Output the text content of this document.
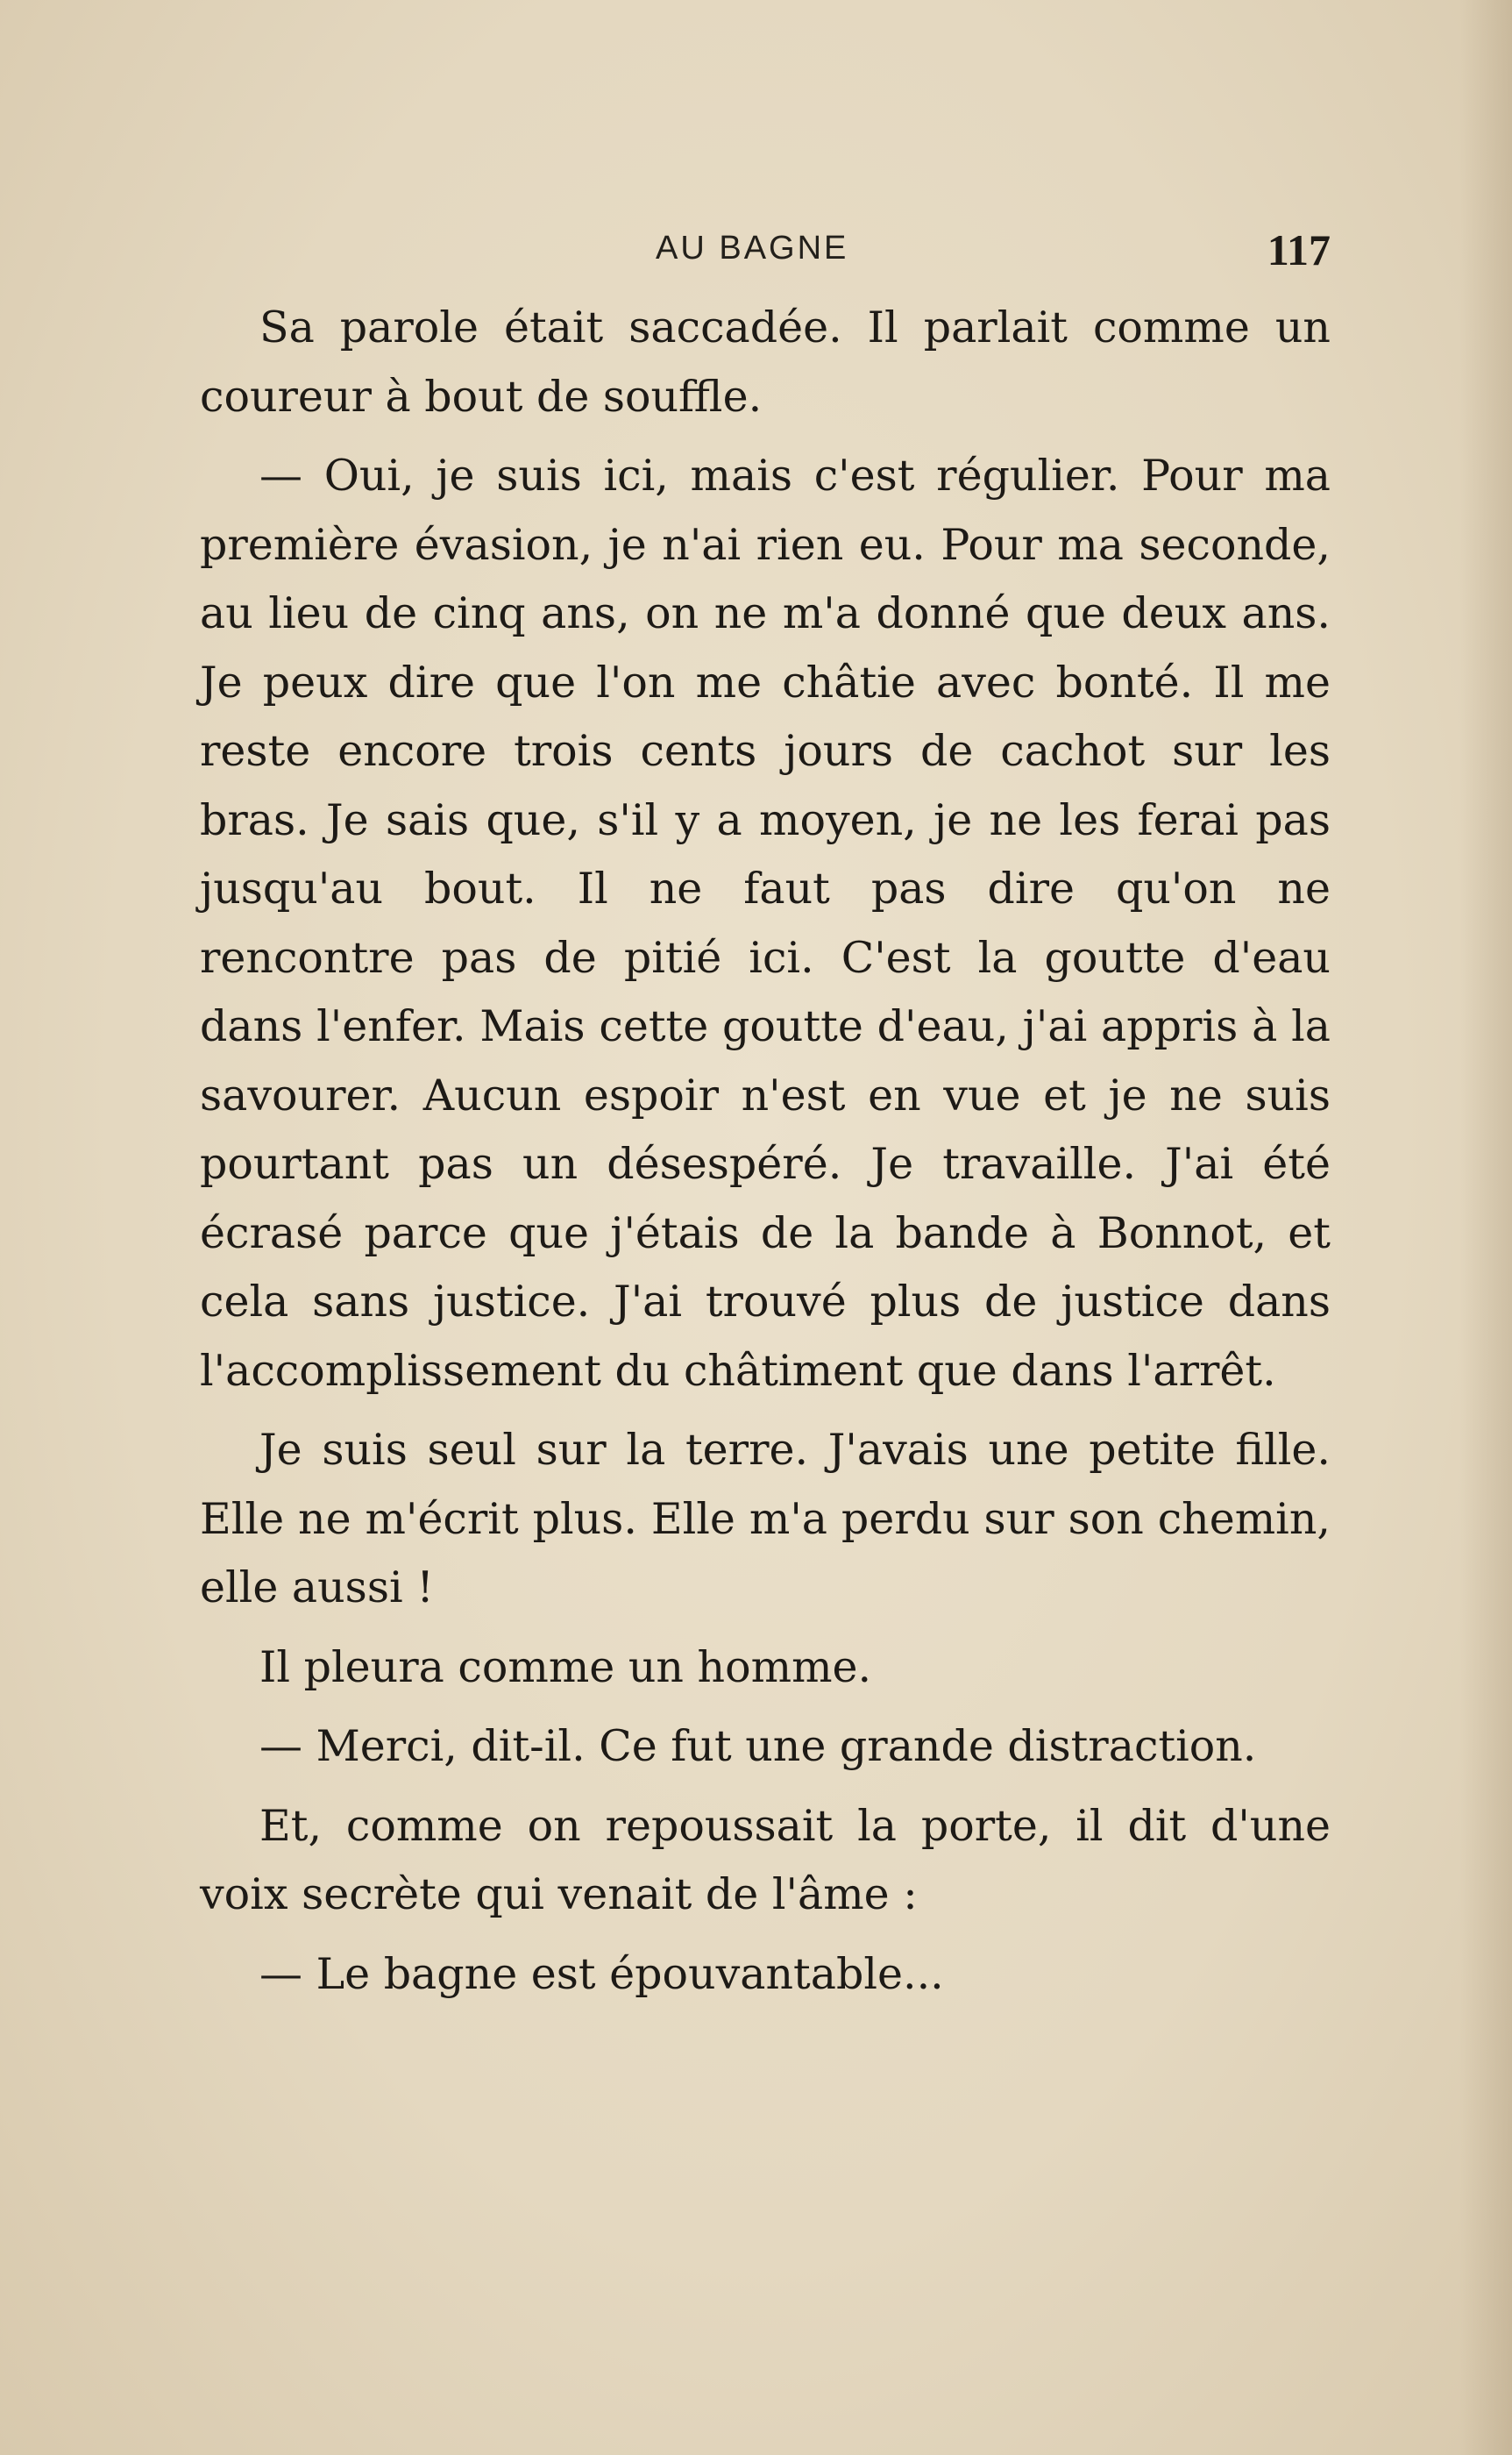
AU BAGNE	117

Sa parole était saccadée. Il parlait comme un coureur à bout de souffle.

— Oui, je suis ici, mais c'est régulier. Pour ma première évasion, je n'ai rien eu. Pour ma seconde, au lieu de cinq ans, on ne m'a donné que deux ans. Je peux dire que l'on me châtie avec bonté. Il me reste encore trois cents jours de cachot sur les bras. Je sais que, s'il y a moyen, je ne les ferai pas jusqu'au bout. Il ne faut pas dire qu'on ne rencontre pas de pitié ici. C'est la goutte d'eau dans l'enfer. Mais cette goutte d'eau, j'ai appris à la savourer. Aucun espoir n'est en vue et je ne suis pourtant pas un désespéré. Je travaille. J'ai été écrasé parce que j'étais de la bande à Bonnot, et cela sans justice. J'ai trouvé plus de justice dans l'accomplissement du châtiment que dans l'arrêt.

Je suis seul sur la terre. J'avais une petite fille. Elle ne m'écrit plus. Elle m'a perdu sur son chemin, elle aussi !

Il pleura comme un homme.

— Merci, dit-il. Ce fut une grande distraction.

Et, comme on repoussait la porte, il dit d'une voix secrète qui venait de l'âme :

— Le bagne est épouvantable...
